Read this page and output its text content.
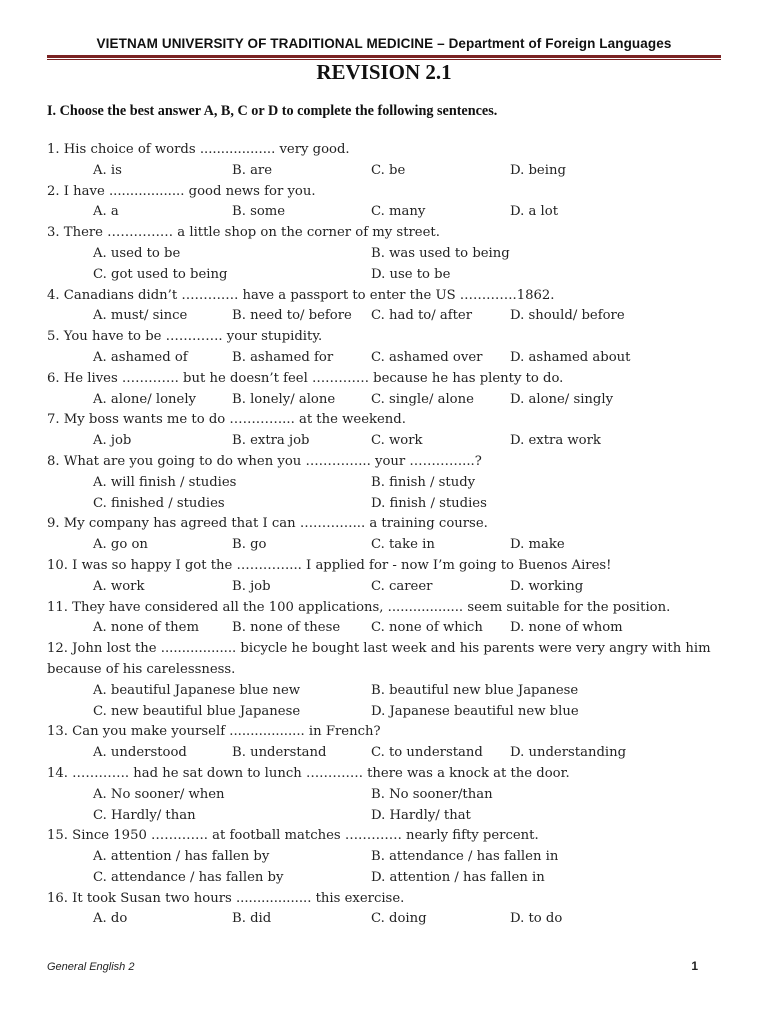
VIETNAM UNIVERSITY OF TRADITIONAL MEDICINE – Department of Foreign Languages
REVISION 2.1
I. Choose the best answer A, B, C or D to complete the following sentences.
1. His choice of words .................. very good.
A. is	B. are	C. be	D. being
2. I have .................. good news for you.
A. a	B. some	C. many	D. a lot
3. There …………… a little shop on the corner of my street.
A. used to be	B. was used to being
C. got used to being	D. use to be
4. Canadians didn’t …………. have a passport to enter the US ………….1862.
A. must/ since	B. need to/ before	C. had to/ after	D. should/ before
5. You have to be …………. your stupidity.
A. ashamed of	B. ashamed for	C. ashamed over	D. ashamed about
6. He lives …………. but he doesn’t feel …………. because he has plenty to do.
A. alone/ lonely	B. lonely/ alone	C. single/ alone	D. alone/ singly
7. My boss wants me to do …………... at the weekend.
A. job	B. extra job	C. work	D. extra work
8. What are you going to do when you …………... your …………...?
A. will finish / studies	B. finish / study
C. finished / studies	D. finish / studies
9. My company has agreed that I can …………... a training course.
A. go on	B. go	C. take in	D. make
10. I was so happy I got the …………... I applied for - now I’m going to Buenos Aires!
A. work	B. job	C. career	D. working
11. They have considered all the 100 applications, .................. seem suitable for the position.
A. none of them	B. none of these	C. none of which	D. none of whom
12. John lost the .................. bicycle he bought last week and his parents were very angry with him because of his carelessness.
A. beautiful Japanese blue new	B. beautiful new blue Japanese
C. new beautiful blue Japanese	D. Japanese beautiful new blue
13. Can you make yourself .................. in French?
A. understood	B. understand	C. to understand	D. understanding
14. …………. had he sat down to lunch …………. there was a knock at the door.
A. No sooner/ when	B. No sooner/than
C. Hardly/ than	D. Hardly/ that
15. Since 1950 …………. at football matches …………. nearly fifty percent.
A. attention / has fallen by	B. attendance / has fallen in
C. attendance / has fallen by	D. attention / has fallen in
16. It took Susan two hours .................. this exercise.
A. do	B. did	C. doing	D. to do
General English 2	1
